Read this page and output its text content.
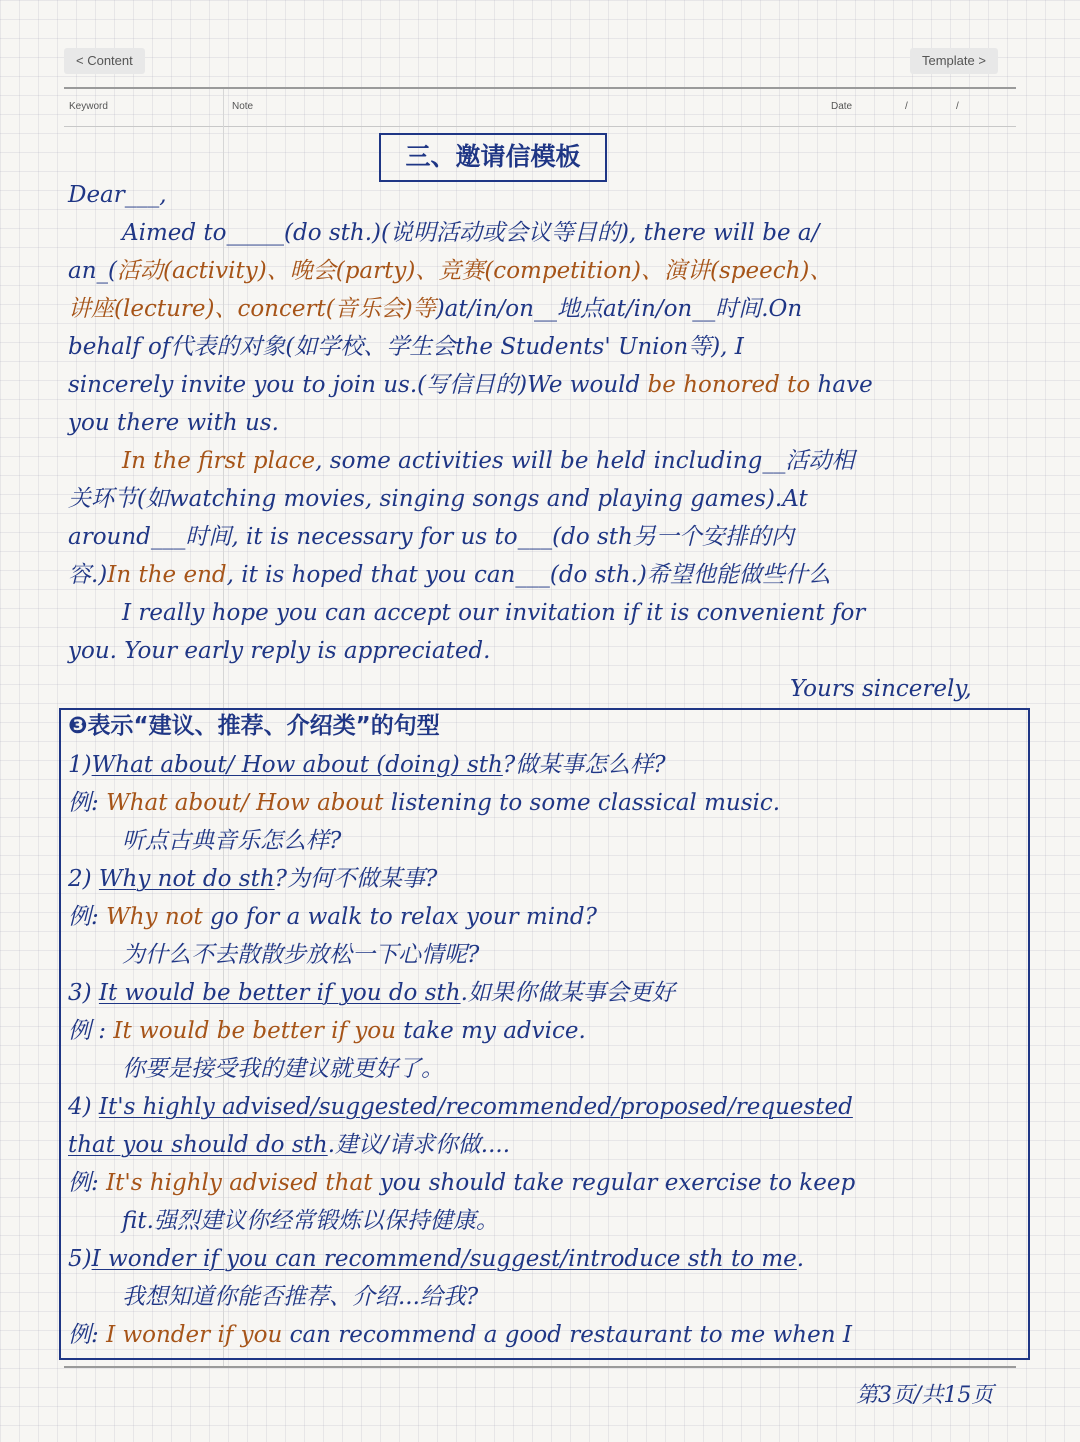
< Content	Template >
Keyword	Note	Date	/	/
三、邀请信模板
Dear___,
Aimed to_____(do sth.)(说明活动或会议等目的), there will be a/
an_(活动(activity)、晚会(party)、竞赛(competition)、演讲(speech)、
讲座(lecture)、concert(音乐会)等)at/in/on__地点at/in/on__时间.On
behalf of代表的对象(如学校、学生会the Students' Union等), I
sincerely invite you to join us.(写信目的)We would be honored to have
you there with us.
In the first place, some activities will be held including__活动相
关环节(如watching movies, singing songs and playing games).At
around___时间, it is necessary for us to___(do sth另一个安排的内
容.)In the end, it is hoped that you can___(do sth.)希望他能做些什么
I really hope you can accept our invitation if it is convenient for
you. Your early reply is appreciated.
Yours sincerely,
❸表示“建议、推荐、介绍类”的句型
1)What about/ How about (doing) sth?做某事怎么样?
例: What about/ How about listening to some classical music.
听点古典音乐怎么样?
2) Why not do sth?为何不做某事?
例: Why not go for a walk to relax your mind?
为什么不去散散步放松一下心情呢?
3) It would be better if you do sth.如果你做某事会更好
例 : It would be better if you take my advice.
你要是接受我的建议就更好了。
4) It's highly advised/suggested/recommended/proposed/requested
that you should do sth.建议/请求你做....
例: It's highly advised that you should take regular exercise to keep
fit.强烈建议你经常锻炼以保持健康。
5)I wonder if you can recommend/suggest/introduce sth to me.
我想知道你能否推荐、介绍...给我?
例: I wonder if you can recommend a good restaurant to me when I
第3页/共15页
